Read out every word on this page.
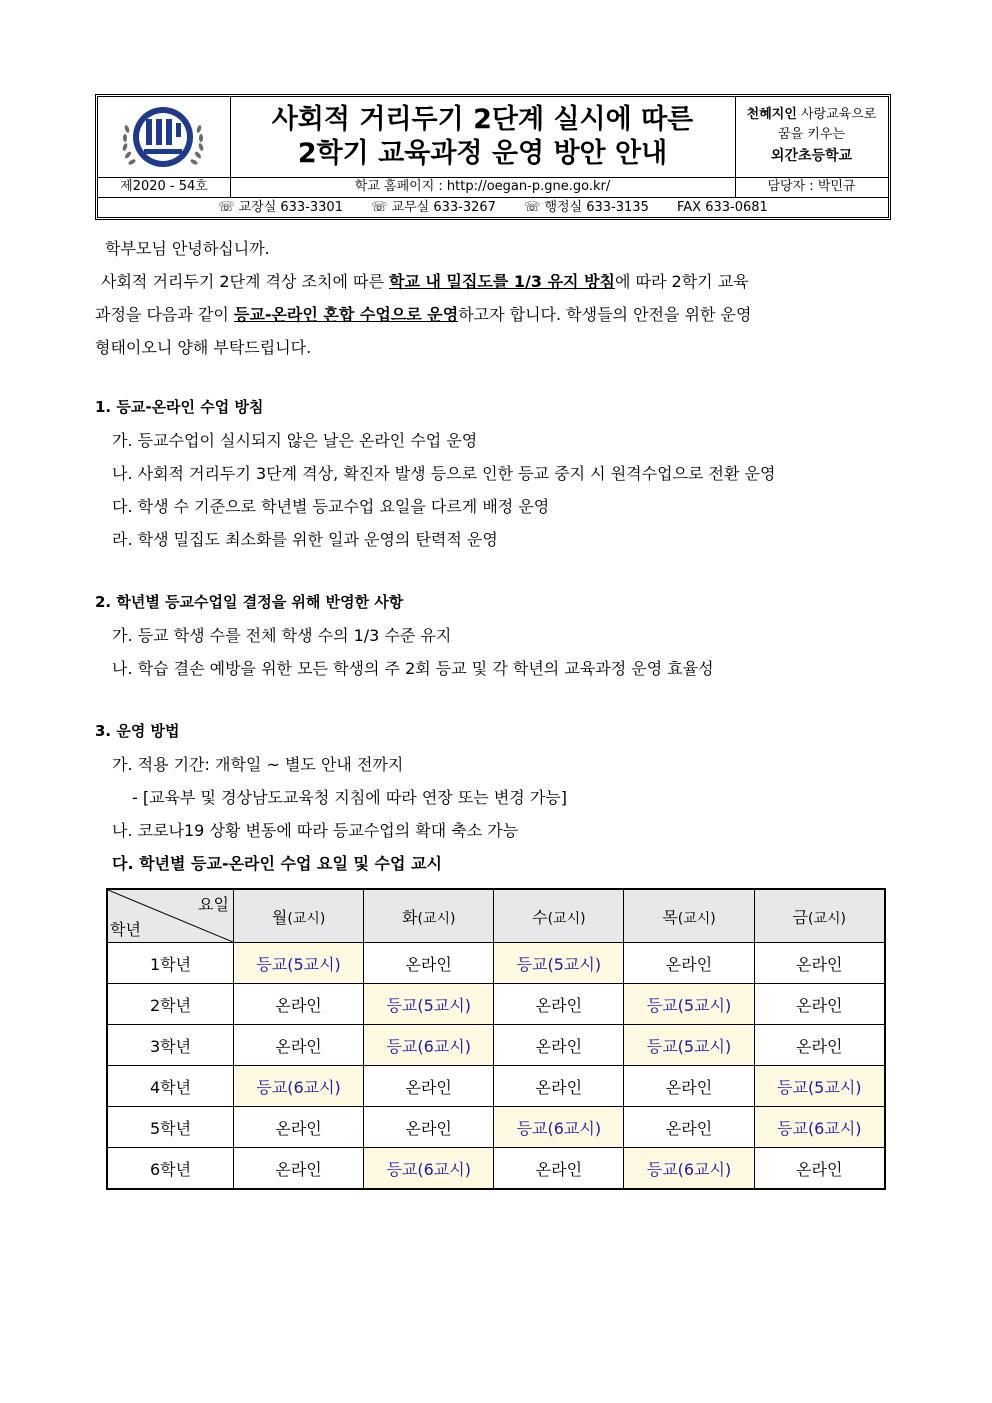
사회적 거리두기 2단계 실시에 따른
2학기 교육과정 운영 방안 안내
천혜지인 사랑교육으로
꿈을 키우는
외간초등학교
제2020 - 54호	학교 홈페이지 : http://oegan-p.gne.go.kr/	담당자 : 박민규
☏ 교장실 633-3301 ☏ 교무실 633-3267 ☏ 행정실 633-3135 FAX 633-0681
학부모님 안녕하십니까.
사회적 거리두기 2단계 격상 조치에 따른 학교 내 밀집도를 1/3 유지 방침에 따라 2학기 교육
과정을 다음과 같이 등교-온라인 혼합 수업으로 운영하고자 합니다. 학생들의 안전을 위한 운영
형태이오니 양해 부탁드립니다.
1. 등교-온라인 수업 방침
가. 등교수업이 실시되지 않은 날은 온라인 수업 운영
나. 사회적 거리두기 3단계 격상, 확진자 발생 등으로 인한 등교 중지 시 원격수업으로 전환 운영
다. 학생 수 기준으로 학년별 등교수업 요일을 다르게 배정 운영
라. 학생 밀집도 최소화를 위한 일과 운영의 탄력적 운영
2. 학년별 등교수업일 결정을 위해 반영한 사항
가. 등교 학생 수를 전체 학생 수의 1/3 수준 유지
나. 학습 결손 예방을 위한 모든 학생의 주 2회 등교 및 각 학년의 교육과정 운영 효율성
3. 운영 방법
가. 적용 기간: 개학일 ~ 별도 안내 전까지
- [교육부 및 경상남도교육청 지침에 따라 연장 또는 변경 가능]
나. 코로나19 상황 변동에 따라 등교수업의 확대 축소 가능
다. 학년별 등교-온라인 수업 요일 및 수업 교시
요일
학년	월(교시)	화(교시)	수(교시)	목(교시)	금(교시)
1학년	등교(5교시)	온라인	등교(5교시)	온라인	온라인
2학년	온라인	등교(5교시)	온라인	등교(5교시)	온라인
3학년	온라인	등교(6교시)	온라인	등교(5교시)	온라인
4학년	등교(6교시)	온라인	온라인	온라인	등교(5교시)
5학년	온라인	온라인	등교(6교시)	온라인	등교(6교시)
6학년	온라인	등교(6교시)	온라인	등교(6교시)	온라인
